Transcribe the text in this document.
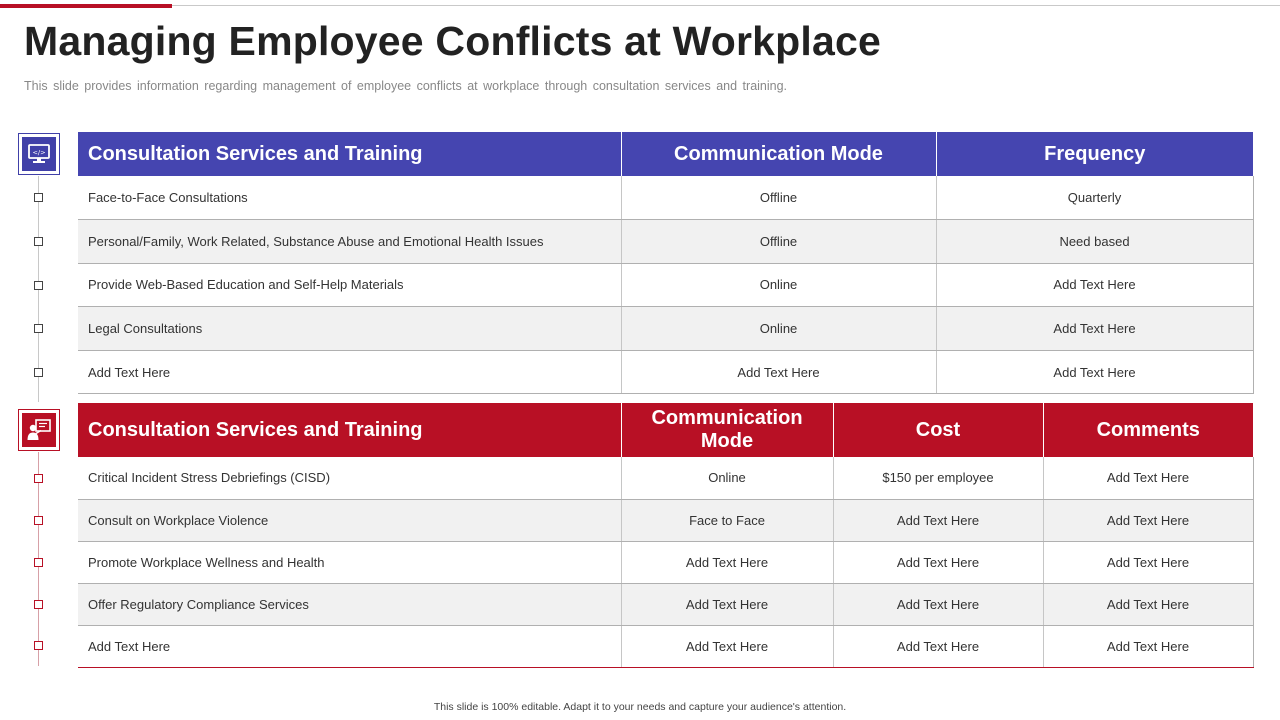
Managing Employee Conflicts at Workplace

This slide provides information regarding management of employee conflicts at workplace through consultation services and training.

</> Consultation Services and Training	Communication Mode	Frequency
Face-to-Face Consultations	Offline	Quarterly
Personal/Family, Work Related, Substance Abuse and Emotional Health Issues	Offline	Need based
Provide Web-Based Education and Self-Help Materials	Online	Add Text Here
Legal Consultations	Online	Add Text Here
Add Text Here	Add Text Here	Add Text Here
Consultation Services and Training	Communication Mode	Cost	Comments
Critical Incident Stress Debriefings (CISD)	Online	$150 per employee	Add Text Here
Consult on Workplace Violence	Face to Face	Add Text Here	Add Text Here
Promote Workplace Wellness and Health	Add Text Here	Add Text Here	Add Text Here
Offer Regulatory Compliance Services	Add Text Here	Add Text Here	Add Text Here
Add Text Here	Add Text Here	Add Text Here	Add Text Here
This slide is 100% editable. Adapt it to your needs and capture your audience's attention.
